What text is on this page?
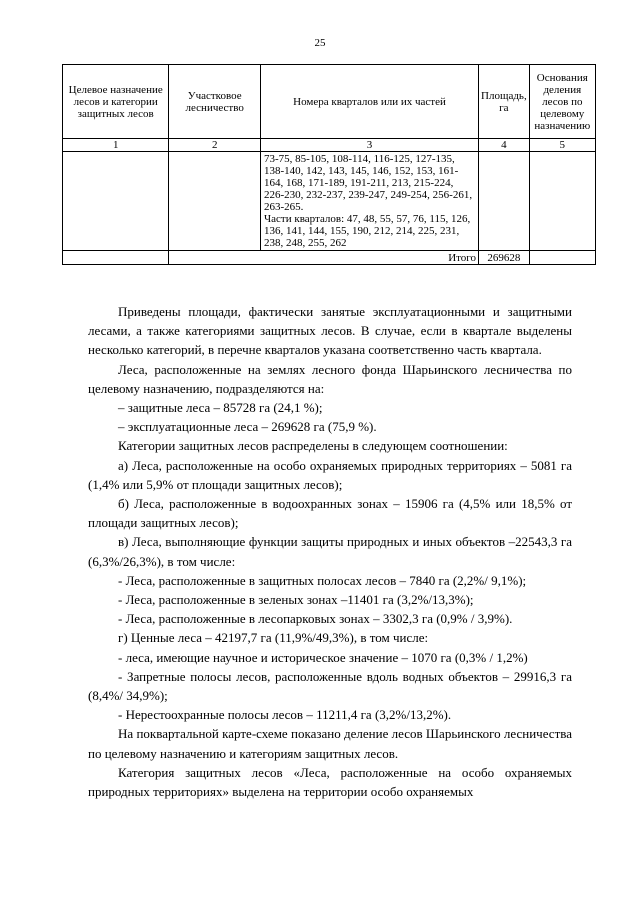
25
Целевое назначение лесов и категории защитных лесов	Участковое лесничество	Номера кварталов или их частей	Площадь, га	Основания деления лесов по целевому назначению
1	2	3	4	5

		73-75, 85-105, 108-114, 116-125, 127-135, 138-140, 142, 143, 145, 146, 152, 153, 161-164, 168, 171-189, 191-211, 213, 215-224, 226-230, 232-237, 239-247, 249-254, 256-261, 263-265.
Части кварталов: 47, 48, 55, 57, 76, 115, 126, 136, 141, 144, 155, 190, 212, 214, 225, 231, 238, 248, 255, 262		

	Итого		269628	

Приведены площади, фактически занятые эксплуатационными и защитными лесами, а также категориями защитных лесов. В случае, если в квартале выделены несколько категорий, в перечне кварталов указана соответственно часть квартала.

Леса, расположенные на землях лесного фонда Шарьинского лесничества по целевому назначению, подразделяются на:

– защитные леса – 85728 га (24,1 %);

– эксплуатационные леса – 269628 га (75,9 %).

Категории защитных лесов распределены в следующем соотношении:

а) Леса, расположенные на особо охраняемых природных территориях – 5081 га (1,4% или 5,9% от площади защитных лесов);

б) Леса, расположенные в водоохранных зонах – 15906 га (4,5% или 18,5% от площади защитных лесов);

в) Леса, выполняющие функции защиты природных и иных объектов –22543,3 га (6,3%/26,3%), в том числе:

- Леса, расположенные в защитных полосах лесов – 7840 га (2,2%/ 9,1%);

- Леса, расположенные в зеленых зонах –11401 га (3,2%/13,3%);

- Леса, расположенные в лесопарковых зонах – 3302,3 га (0,9% / 3,9%).

г) Ценные леса – 42197,7 га (11,9%/49,3%), в том числе:

- леса, имеющие научное и историческое значение – 1070 га (0,3% / 1,2%)

- Запретные полосы лесов, расположенные вдоль водных объектов – 29916,3 га (8,4%/ 34,9%);

- Нерестоохранные полосы лесов – 11211,4 га (3,2%/13,2%).

На поквартальной карте-схеме показано деление лесов Шарьинского лесничества по целевому назначению и категориям защитных лесов.

Категория защитных лесов «Леса, расположенные на особо охраняемых природных территориях» выделена на территории особо охраняемых
